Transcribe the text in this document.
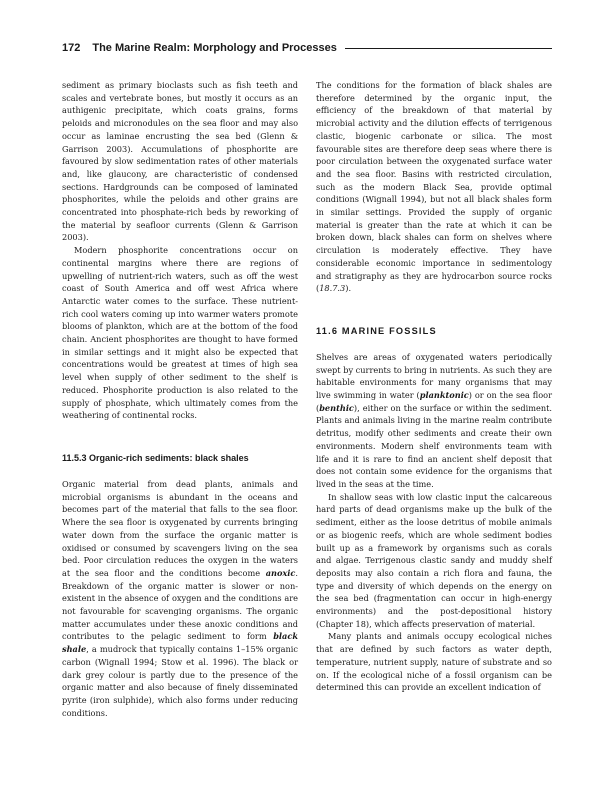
172 The Marine Realm: Morphology and Processes

sediment as primary bioclasts such as fish teeth and scales and vertebrate bones, but mostly it occurs as an authigenic precipitate, which coats grains, forms peloids and micronodules on the sea floor and may also occur as laminae encrusting the sea bed (Glenn & Garrison 2003). Accumulations of phosphorite are favoured by slow sedimentation rates of other materials and, like glaucony, are characteristic of condensed sections. Hardgrounds can be composed of laminated phosphorites, while the peloids and other grains are concentrated into phosphate-rich beds by reworking of the material by seafloor currents (Glenn & Garrison 2003).

Modern phosphorite concentrations occur on continental margins where there are regions of upwelling of nutrient-rich waters, such as off the west coast of South America and off west Africa where Antarctic water comes to the surface. These nutrient-rich cool waters coming up into warmer waters promote blooms of plankton, which are at the bottom of the food chain. Ancient phosphorites are thought to have formed in similar settings and it might also be expected that concentrations would be greatest at times of high sea level when supply of other sediment to the shelf is reduced. Phosphorite production is also related to the supply of phosphate, which ultimately comes from the weathering of continental rocks.

11.5.3 Organic-rich sediments: black shales

Organic material from dead plants, animals and microbial organisms is abundant in the oceans and becomes part of the material that falls to the sea floor. Where the sea floor is oxygenated by currents bringing water down from the surface the organic matter is oxidised or consumed by scavengers living on the sea bed. Poor circulation reduces the oxygen in the waters at the sea floor and the conditions become anoxic. Breakdown of the organic matter is slower or non-existent in the absence of oxygen and the conditions are not favourable for scavenging organisms. The organic matter accumulates under these anoxic conditions and contributes to the pelagic sediment to form black shale, a mudrock that typically contains 1–15% organic carbon (Wignall 1994; Stow et al. 1996). The black or dark grey colour is partly due to the presence of the organic matter and also because of finely disseminated pyrite (iron sulphide), which also forms under reducing conditions.

The conditions for the formation of black shales are therefore determined by the organic input, the efficiency of the breakdown of that material by microbial activity and the dilution effects of terrigenous clastic, biogenic carbonate or silica. The most favourable sites are therefore deep seas where there is poor circulation between the oxygenated surface water and the sea floor. Basins with restricted circulation, such as the modern Black Sea, provide optimal conditions (Wignall 1994), but not all black shales form in similar settings. Provided the supply of organic material is greater than the rate at which it can be broken down, black shales can form on shelves where circulation is moderately effective. They have considerable economic importance in sedimentology and stratigraphy as they are hydrocarbon source rocks (18.7.3).

11.6 MARINE FOSSILS

Shelves are areas of oxygenated waters periodically swept by currents to bring in nutrients. As such they are habitable environments for many organisms that may live swimming in water (planktonic) or on the sea floor (benthic), either on the surface or within the sediment. Plants and animals living in the marine realm contribute detritus, modify other sediments and create their own environments. Modern shelf environments team with life and it is rare to find an ancient shelf deposit that does not contain some evidence for the organisms that lived in the seas at the time.

In shallow seas with low clastic input the calcareous hard parts of dead organisms make up the bulk of the sediment, either as the loose detritus of mobile animals or as biogenic reefs, which are whole sediment bodies built up as a framework by organisms such as corals and algae. Terrigenous clastic sandy and muddy shelf deposits may also contain a rich flora and fauna, the type and diversity of which depends on the energy on the sea bed (fragmentation can occur in high-energy environments) and the post-depositional history (Chapter 18), which affects preservation of material.

Many plants and animals occupy ecological niches that are defined by such factors as water depth, temperature, nutrient supply, nature of substrate and so on. If the ecological niche of a fossil organism can be determined this can provide an excellent indication of
